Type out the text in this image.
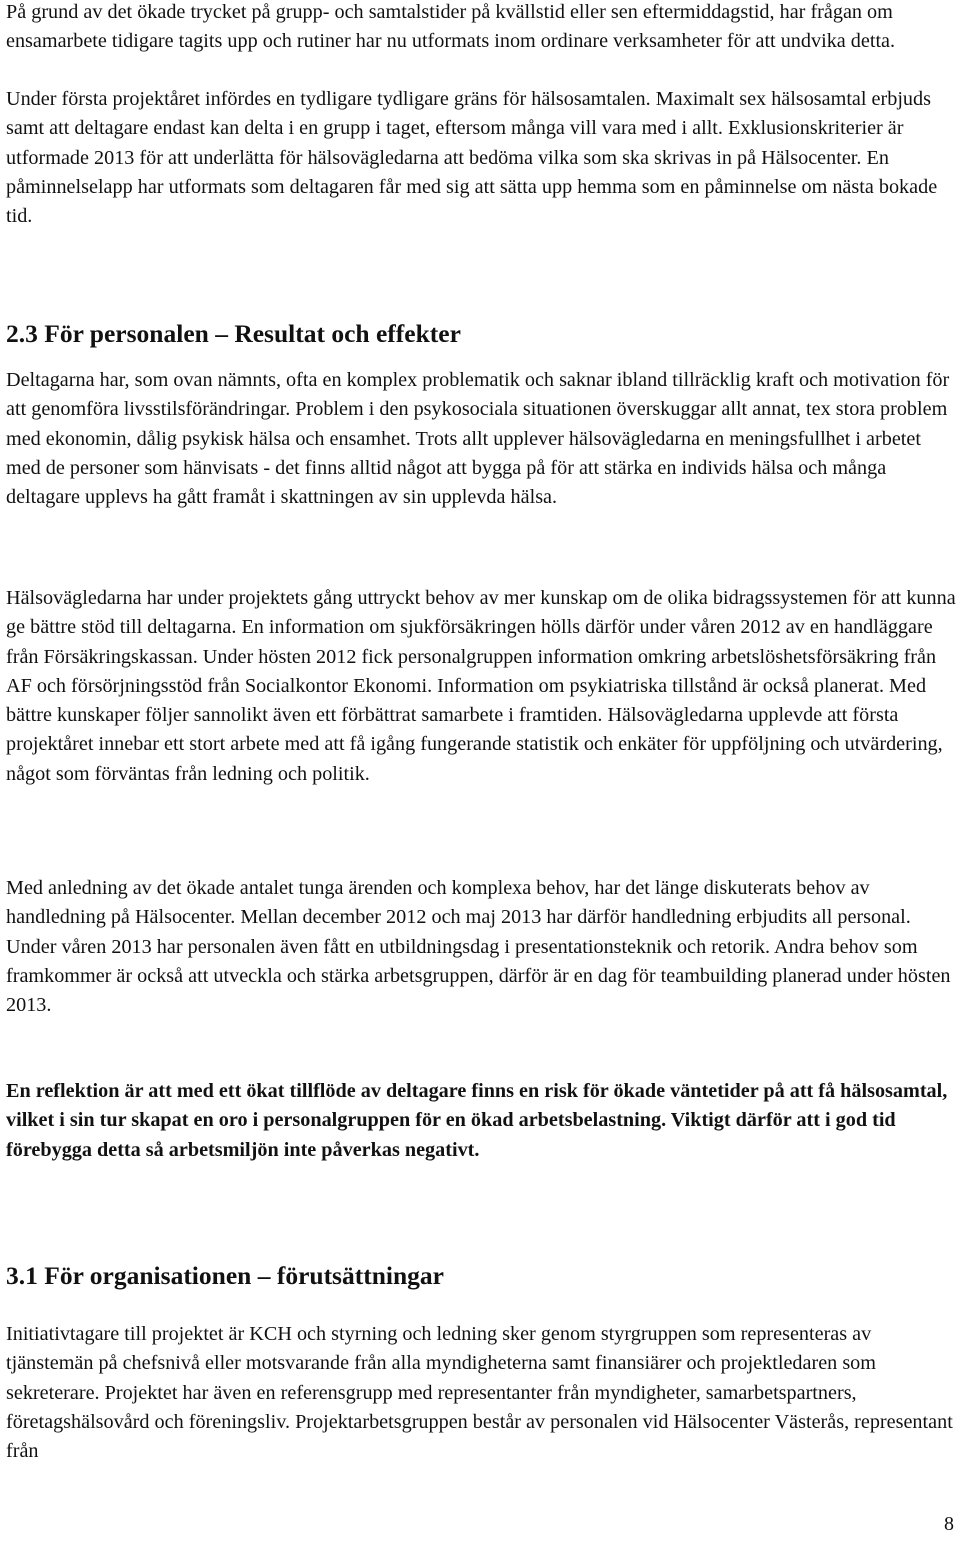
På grund av det ökade trycket på grupp- och samtalstider på kvällstid eller sen eftermiddagstid, har frågan om ensamarbete tidigare tagits upp och rutiner har nu utformats inom ordinare verksamheter för att undvika detta.

Under första projektåret infördes en tydligare tydligare gräns för hälsosamtalen. Maximalt sex hälsosamtal erbjuds samt att deltagare endast kan delta i en grupp i taget, eftersom många vill vara med i allt. Exklusionskriterier är utformade 2013 för att underlätta för hälsovägledarna att bedöma vilka som ska skrivas in på Hälsocenter. En påminnelselapp har utformats som deltagaren får med sig att sätta upp hemma som en påminnelse om nästa bokade tid.

2.3 För personalen – Resultat och effekter

Deltagarna har, som ovan nämnts, ofta en komplex problematik och saknar ibland tillräcklig kraft och motivation för att genomföra livsstilsförändringar. Problem i den psykosociala situationen överskuggar allt annat, tex stora problem med ekonomin, dålig psykisk hälsa och ensamhet. Trots allt upplever hälsovägledarna en meningsfullhet i arbetet med de personer som hänvisats - det finns alltid något att bygga på för att stärka en individs hälsa och många deltagare upplevs ha gått framåt i skattningen av sin upplevda hälsa.

Hälsovägledarna har under projektets gång uttryckt behov av mer kunskap om de olika bidragssystemen för att kunna ge bättre stöd till deltagarna. En information om sjukförsäkringen hölls därför under våren 2012 av en handläggare från Försäkringskassan. Under hösten 2012 fick personalgruppen information omkring arbetslöshetsförsäkring från AF och försörjningsstöd från Socialkontor Ekonomi. Information om psykiatriska tillstånd är också planerat. Med bättre kunskaper följer sannolikt även ett förbättrat samarbete i framtiden. Hälsovägledarna upplevde att första projektåret innebar ett stort arbete med att få igång fungerande statistik och enkäter för uppföljning och utvärdering, något som förväntas från ledning och politik.

Med anledning av det ökade antalet tunga ärenden och komplexa behov, har det länge diskuterats behov av handledning på Hälsocenter. Mellan december 2012 och maj 2013 har därför handledning erbjudits all personal. Under våren 2013 har personalen även fått en utbildningsdag i presentationsteknik och retorik. Andra behov som framkommer är också att utveckla och stärka arbetsgruppen, därför är en dag för teambuilding planerad under hösten 2013.

En reflektion är att med ett ökat tillflöde av deltagare finns en risk för ökade väntetider på att få hälsosamtal, vilket i sin tur skapat en oro i personalgruppen för en ökad arbetsbelastning. Viktigt därför att i god tid förebygga detta så arbetsmiljön inte påverkas negativt.

3.1 För organisationen – förutsättningar

Initiativtagare till projektet är KCH och styrning och ledning sker genom styrgruppen som representeras av tjänstemän på chefsnivå eller motsvarande från alla myndigheterna samt finansiärer och projektledaren som sekreterare. Projektet har även en referensgrupp med representanter från myndigheter, samarbetspartners, företagshälsovård och föreningsliv. Projektarbetsgruppen består av personalen vid Hälsocenter Västerås, representant från

8
